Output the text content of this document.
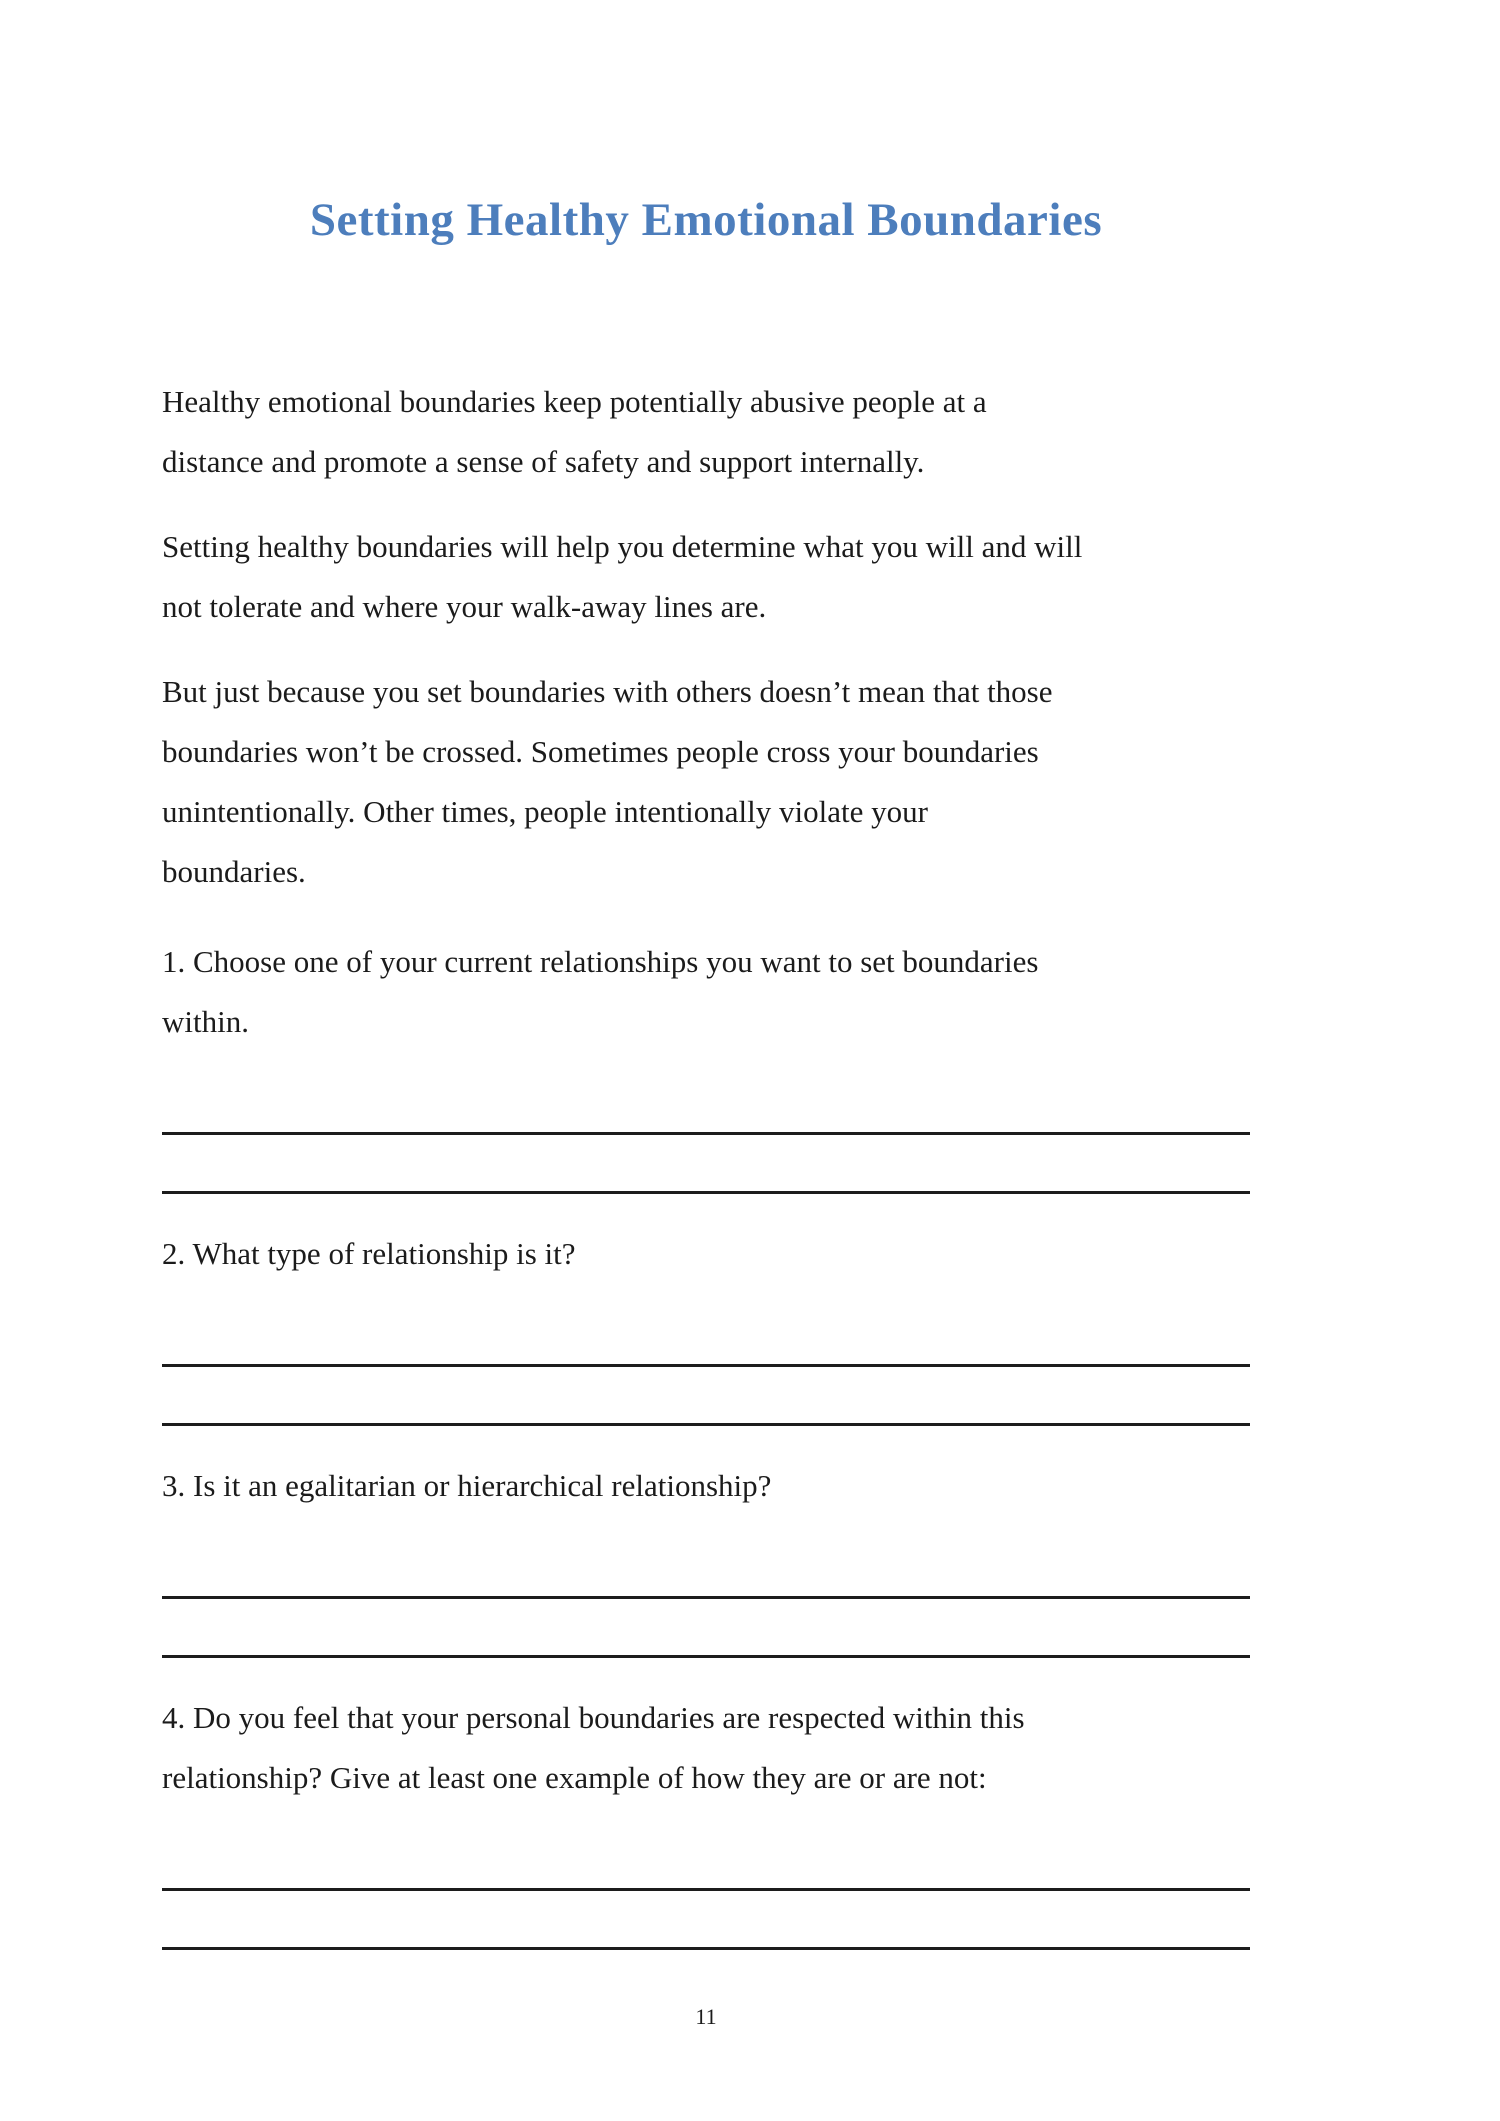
Setting Healthy Emotional Boundaries

Healthy emotional boundaries keep potentially abusive people at a
distance and promote a sense of safety and support internally.

Setting healthy boundaries will help you determine what you will and will
not tolerate and where your walk-away lines are.

But just because you set boundaries with others doesn’t mean that those
boundaries won’t be crossed. Sometimes people cross your boundaries
unintentionally. Other times, people intentionally violate your
boundaries.

1. Choose one of your current relationships you want to set boundaries
within.
2. What type of relationship is it?
3. Is it an egalitarian or hierarchical relationship?
4. Do you feel that your personal boundaries are respected within this
relationship? Give at least one example of how they are or are not:
11
